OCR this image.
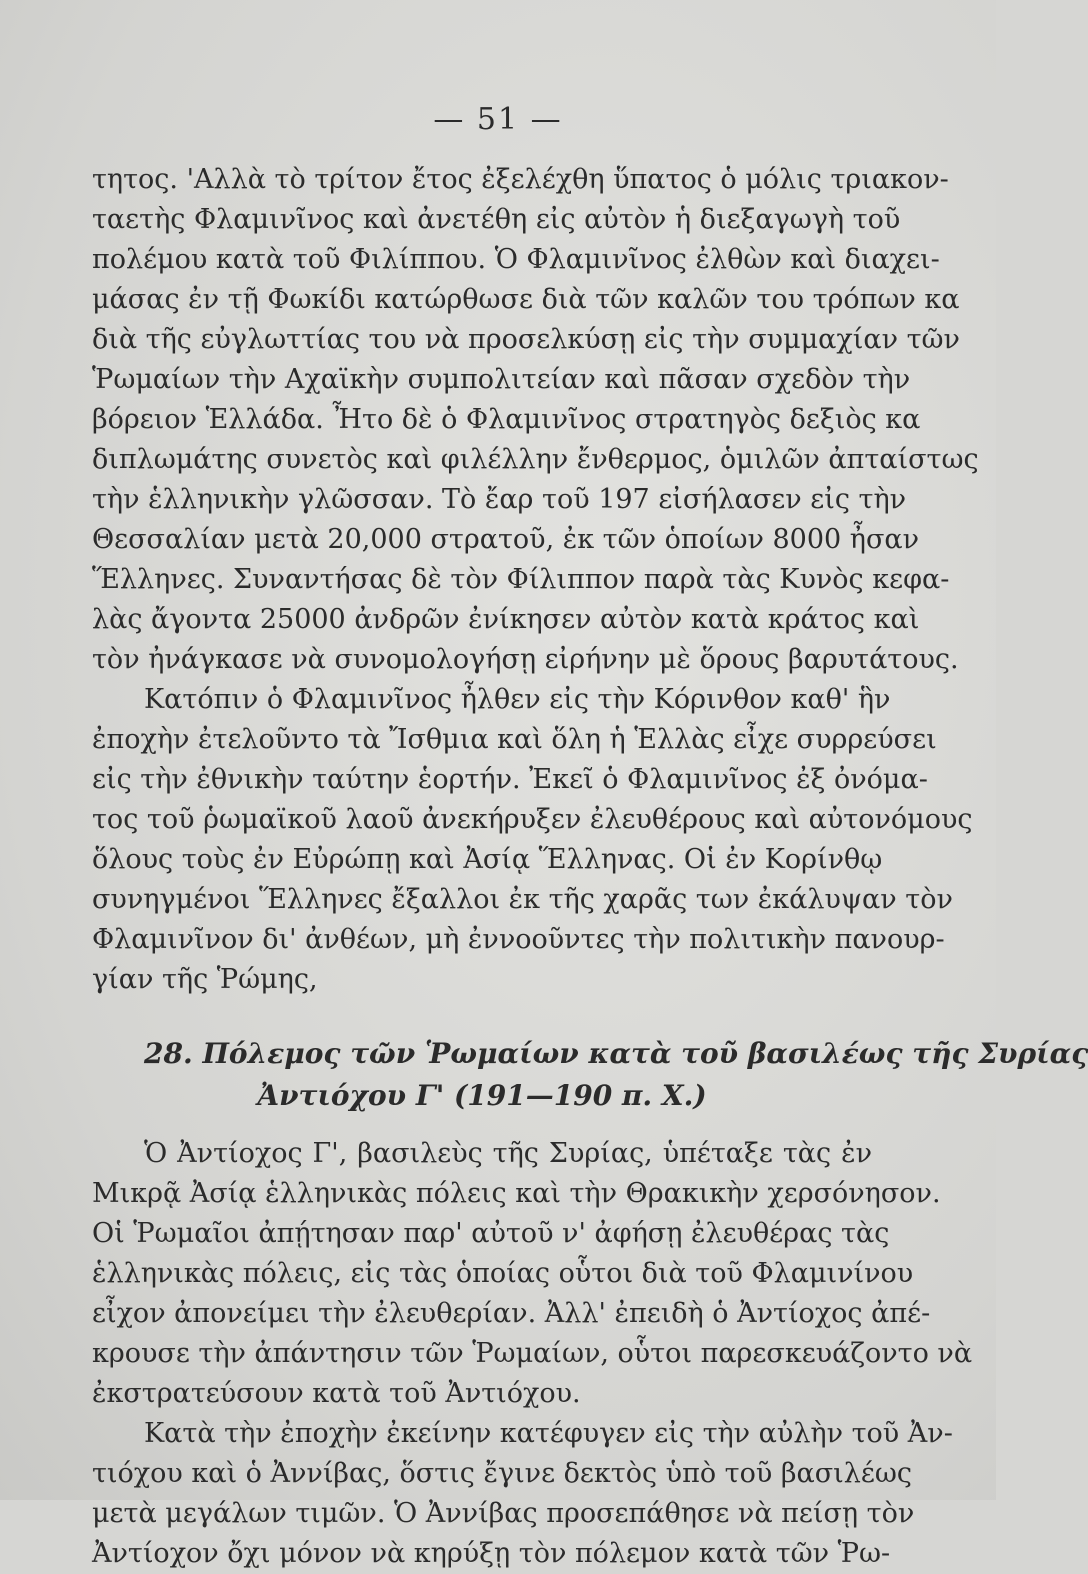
— 51 —
τητος. 'Αλλὰ τὸ τρίτον ἔτος ἐξελέχθη ὕπατος ὁ μόλις τριακον-
ταετὴς Φλαμινῖνος καὶ ἀνετέθη εἰς αὐτὸν ἡ διεξαγωγὴ τοῦ
πολέμου κατὰ τοῦ Φιλίππου. Ὁ Φλαμινῖνος ἐλθὼν καὶ διαχει-
μάσας ἐν τῇ Φωκίδι κατώρθωσε διὰ τῶν καλῶν του τρόπων κα
διὰ τῆς εὐγλωττίας του νὰ προσελκύσῃ εἰς τὴν συμμαχίαν τῶν
Ῥωμαίων τὴν Αχαϊκὴν συμπολιτείαν καὶ πᾶσαν σχεδὸν τὴν
βόρειον Ἑλλάδα. Ἦτο δὲ ὁ Φλαμινῖνος στρατηγὸς δεξιὸς κα
διπλωμάτης συνετὸς καὶ φιλέλλην ἔνθερμος, ὁμιλῶν ἀπταίστως
τὴν ἑλληνικὴν γλῶσσαν. Τὸ ἔαρ τοῦ 197 εἰσήλασεν εἰς τὴν
Θεσσαλίαν μετὰ 20,000 στρατοῦ, ἐκ τῶν ὁποίων 8000 ἦσαν
Ἕλληνες. Συναντήσας δὲ τὸν Φίλιππον παρὰ τὰς Κυνὸς κεφα-
λὰς ἄγοντα 25000 ἀνδρῶν ἐνίκησεν αὐτὸν κατὰ κράτος καὶ
τὸν ἠνάγκασε νὰ συνομολογήσῃ εἰρήνην μὲ ὅρους βαρυτάτους.
Κατόπιν ὁ Φλαμινῖνος ἦλθεν εἰς τὴν Κόρινθον καθ' ἣν
ἐποχὴν ἐτελοῦντο τὰ Ἴσθμια καὶ ὅλη ἡ Ἑλλὰς εἶχε συρρεύσει
εἰς τὴν ἐθνικὴν ταύτην ἑορτήν. Ἐκεῖ ὁ Φλαμινῖνος ἐξ ὀνόμα-
τος τοῦ ῥωμαϊκοῦ λαοῦ ἀνεκήρυξεν ἐλευθέρους καὶ αὐτονόμους
ὅλους τοὺς ἐν Εὐρώπῃ καὶ Ἀσίᾳ Ἕλληνας. Οἱ ἐν Κορίνθῳ
συνηγμένοι Ἕλληνες ἔξαλλοι ἐκ τῆς χαρᾶς των ἐκάλυψαν τὸν
Φλαμινῖνον δι' ἀνθέων, μὴ ἐννοοῦντες τὴν πολιτικὴν πανουρ-
γίαν τῆς Ῥώμης,
28. Πόλεμος τῶν Ῥωμαίων κατὰ τοῦ βασιλέως τῆς Συρίας
Ἀντιόχου Γ' (191—190 π. Χ.)
Ὁ Ἀντίοχος Γ', βασιλεὺς τῆς Συρίας, ὑπέταξε τὰς ἐν
Μικρᾷ Ἀσίᾳ ἑλληνικὰς πόλεις καὶ τὴν Θρακικὴν χερσόνησον.
Οἱ Ῥωμαῖοι ἀπῄτησαν παρ' αὐτοῦ ν' ἀφήσῃ ἐλευθέρας τὰς
ἑλληνικὰς πόλεις, εἰς τὰς ὁποίας οὗτοι διὰ τοῦ Φλαμινίνου
εἶχον ἀπονείμει τὴν ἐλευθερίαν. Ἀλλ' ἐπειδὴ ὁ Ἀντίοχος ἀπέ-
κρουσε τὴν ἀπάντησιν τῶν Ῥωμαίων, οὗτοι παρεσκευάζοντο νὰ
ἐκστρατεύσουν κατὰ τοῦ Ἀντιόχου.
Κατὰ τὴν ἐποχὴν ἐκείνην κατέφυγεν εἰς τὴν αὐλὴν τοῦ Ἀν-
τιόχου καὶ ὁ Ἀννίβας, ὅστις ἔγινε δεκτὸς ὑπὸ τοῦ βασιλέως
μετὰ μεγάλων τιμῶν. Ὁ Ἀννίβας προσεπάθησε νὰ πείσῃ τὸν
Ἀντίοχον ὄχι μόνον νὰ κηρύξῃ τὸν πόλεμον κατὰ τῶν Ῥω-
